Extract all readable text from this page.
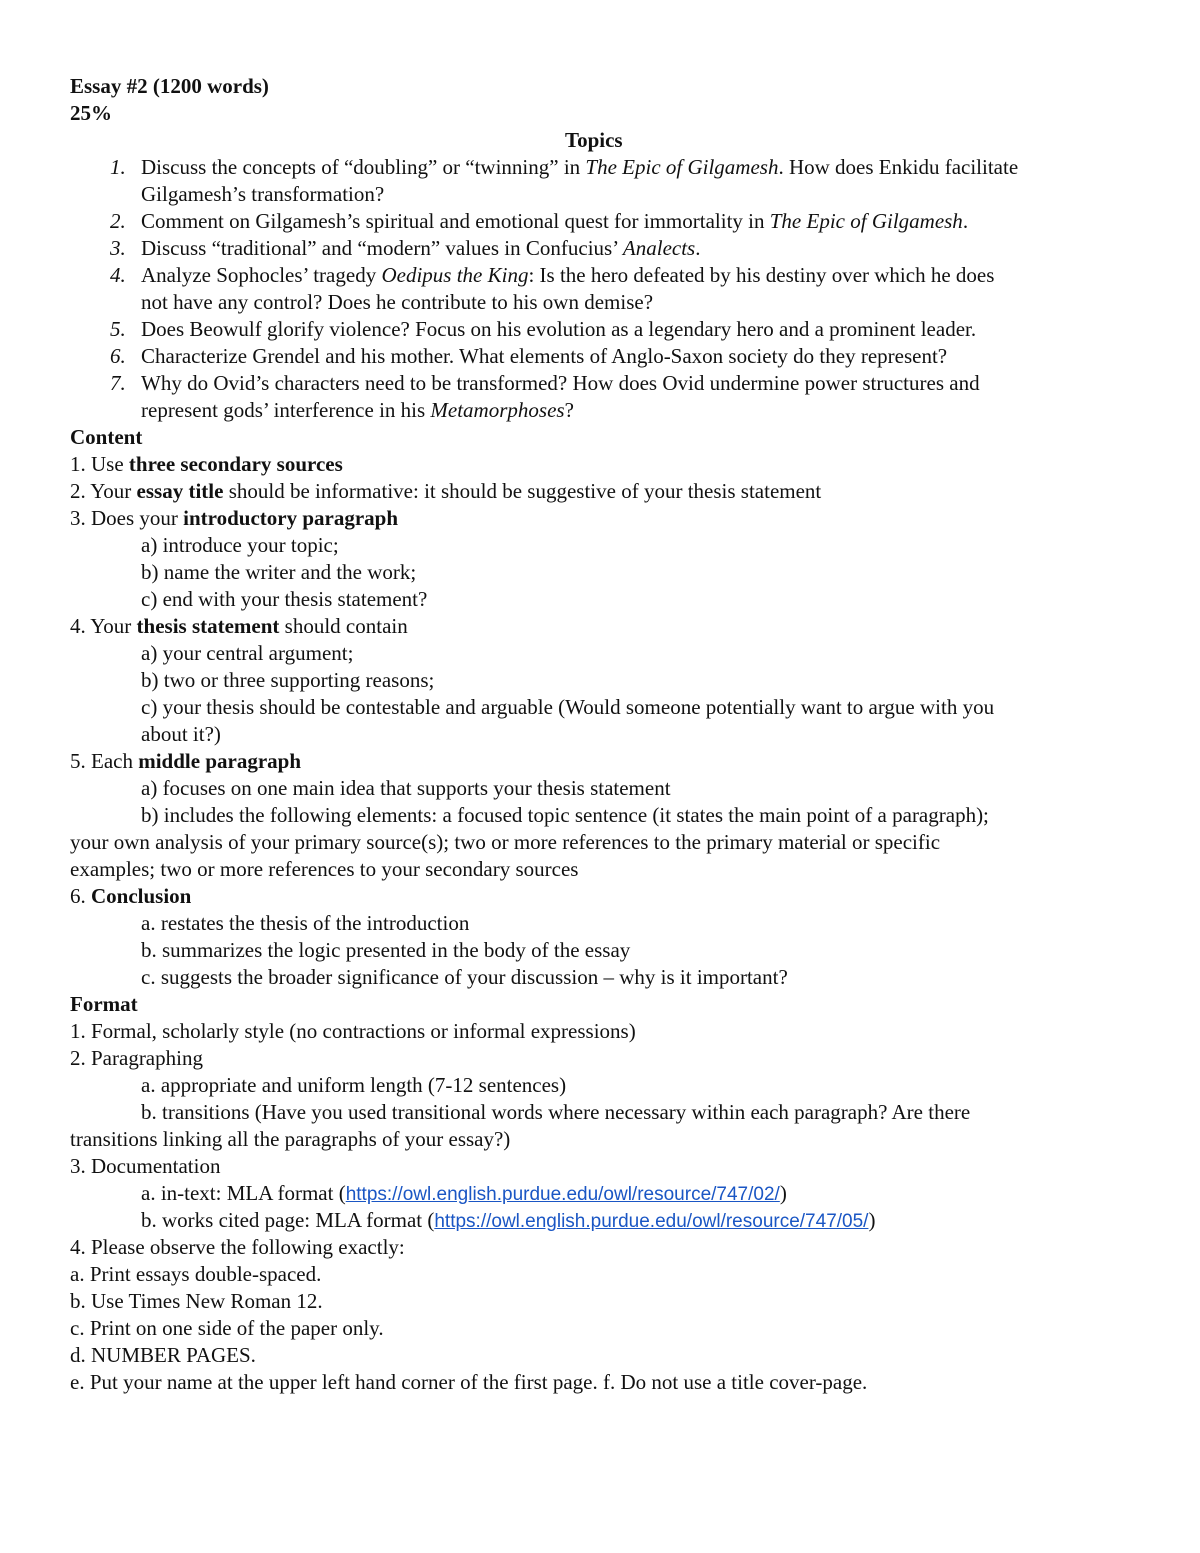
Essay #2 (1200 words)
25%
Topics
1. Discuss the concepts of “doubling” or “twinning” in The Epic of Gilgamesh. How does Enkidu facilitate
Gilgamesh’s transformation?
2. Comment on Gilgamesh’s spiritual and emotional quest for immortality in The Epic of Gilgamesh.
3. Discuss “traditional” and “modern” values in Confucius’ Analects.
4. Analyze Sophocles’ tragedy Oedipus the King: Is the hero defeated by his destiny over which he does
not have any control? Does he contribute to his own demise?
5. Does Beowulf glorify violence? Focus on his evolution as a legendary hero and a prominent leader.
6. Characterize Grendel and his mother. What elements of Anglo-Saxon society do they represent?
7. Why do Ovid’s characters need to be transformed? How does Ovid undermine power structures and
represent gods’ interference in his Metamorphoses?
Content
1. Use three secondary sources
2. Your essay title should be informative: it should be suggestive of your thesis statement
3. Does your introductory paragraph
a) introduce your topic;
b) name the writer and the work;
c) end with your thesis statement?
4. Your thesis statement should contain
a) your central argument;
b) two or three supporting reasons;
c) your thesis should be contestable and arguable (Would someone potentially want to argue with you
about it?)
5. Each middle paragraph
a) focuses on one main idea that supports your thesis statement
b) includes the following elements: a focused topic sentence (it states the main point of a paragraph);
your own analysis of your primary source(s); two or more references to the primary material or specific
examples; two or more references to your secondary sources
6. Conclusion
a. restates the thesis of the introduction
b. summarizes the logic presented in the body of the essay
c. suggests the broader significance of your discussion – why is it important?
Format
1. Formal, scholarly style (no contractions or informal expressions)
2. Paragraphing
a. appropriate and uniform length (7-12 sentences)
b. transitions (Have you used transitional words where necessary within each paragraph? Are there
transitions linking all the paragraphs of your essay?)
3. Documentation
a. in-text: MLA format (https://owl.english.purdue.edu/owl/resource/747/02/)
b. works cited page: MLA format (https://owl.english.purdue.edu/owl/resource/747/05/)
4. Please observe the following exactly:
a. Print essays double-spaced.
b. Use Times New Roman 12.
c. Print on one side of the paper only.
d. NUMBER PAGES.
e. Put your name at the upper left hand corner of the first page. f. Do not use a title cover-page.
